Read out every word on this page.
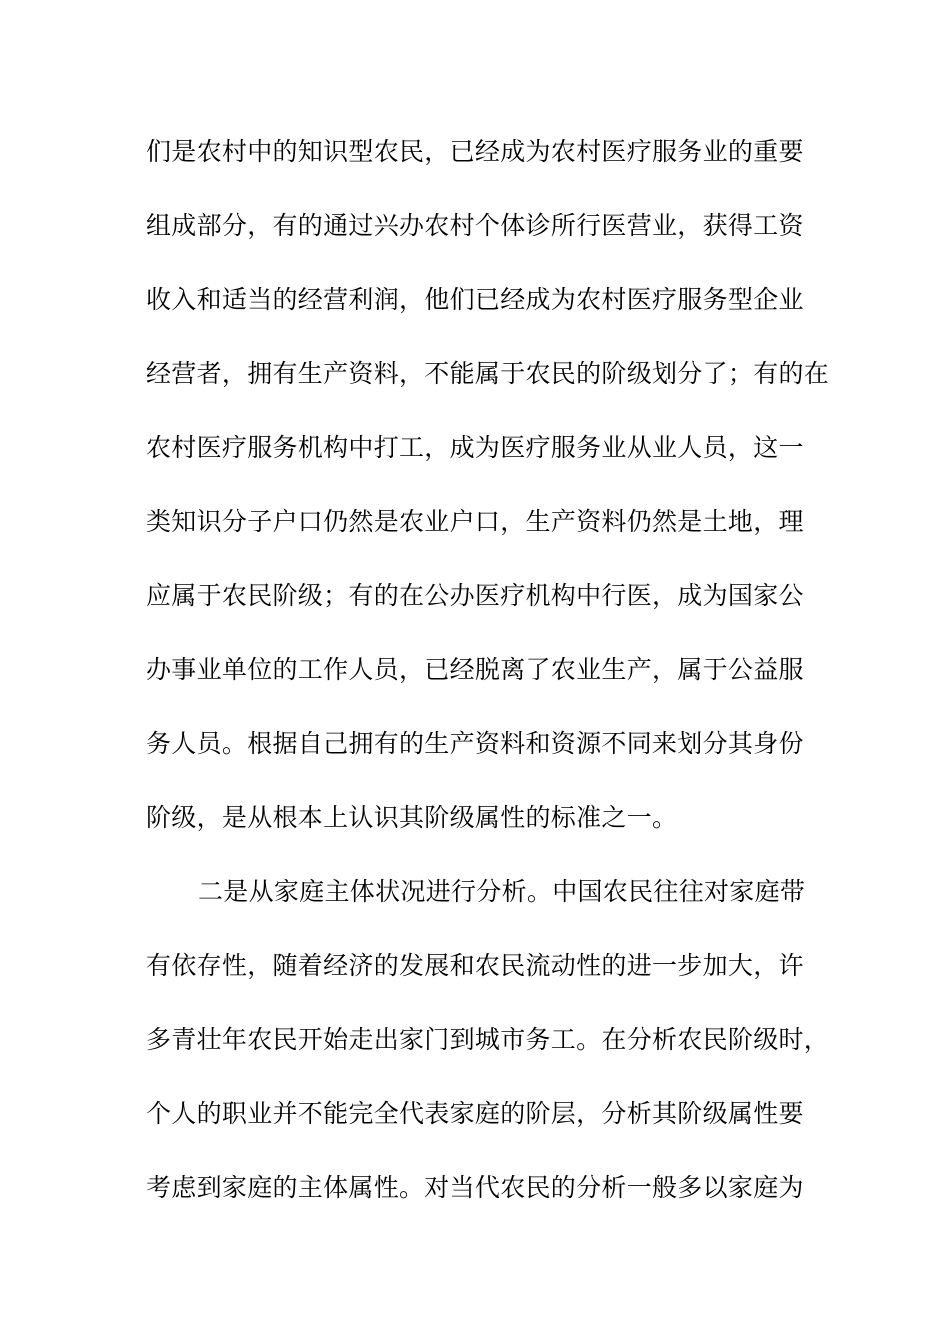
们是农村中的知识型农民，已经成为农村医疗服务业的重要
组成部分，有的通过兴办农村个体诊所行医营业，获得工资
收入和适当的经营利润，他们已经成为农村医疗服务型企业
经营者，拥有生产资料，不能属于农民的阶级划分了；有的在
农村医疗服务机构中打工，成为医疗服务业从业人员，这一
类知识分子户口仍然是农业户口，生产资料仍然是土地，理
应属于农民阶级；有的在公办医疗机构中行医，成为国家公
办事业单位的工作人员，已经脱离了农业生产，属于公益服
务人员。根据自己拥有的生产资料和资源不同来划分其身份
阶级，是从根本上认识其阶级属性的标准之一。
二是从家庭主体状况进行分析。中国农民往往对家庭带
有依存性，随着经济的发展和农民流动性的进一步加大，许
多青壮年农民开始走出家门到城市务工。在分析农民阶级时，
个人的职业并不能完全代表家庭的阶层，分析其阶级属性要
考虑到家庭的主体属性。对当代农民的分析一般多以家庭为
